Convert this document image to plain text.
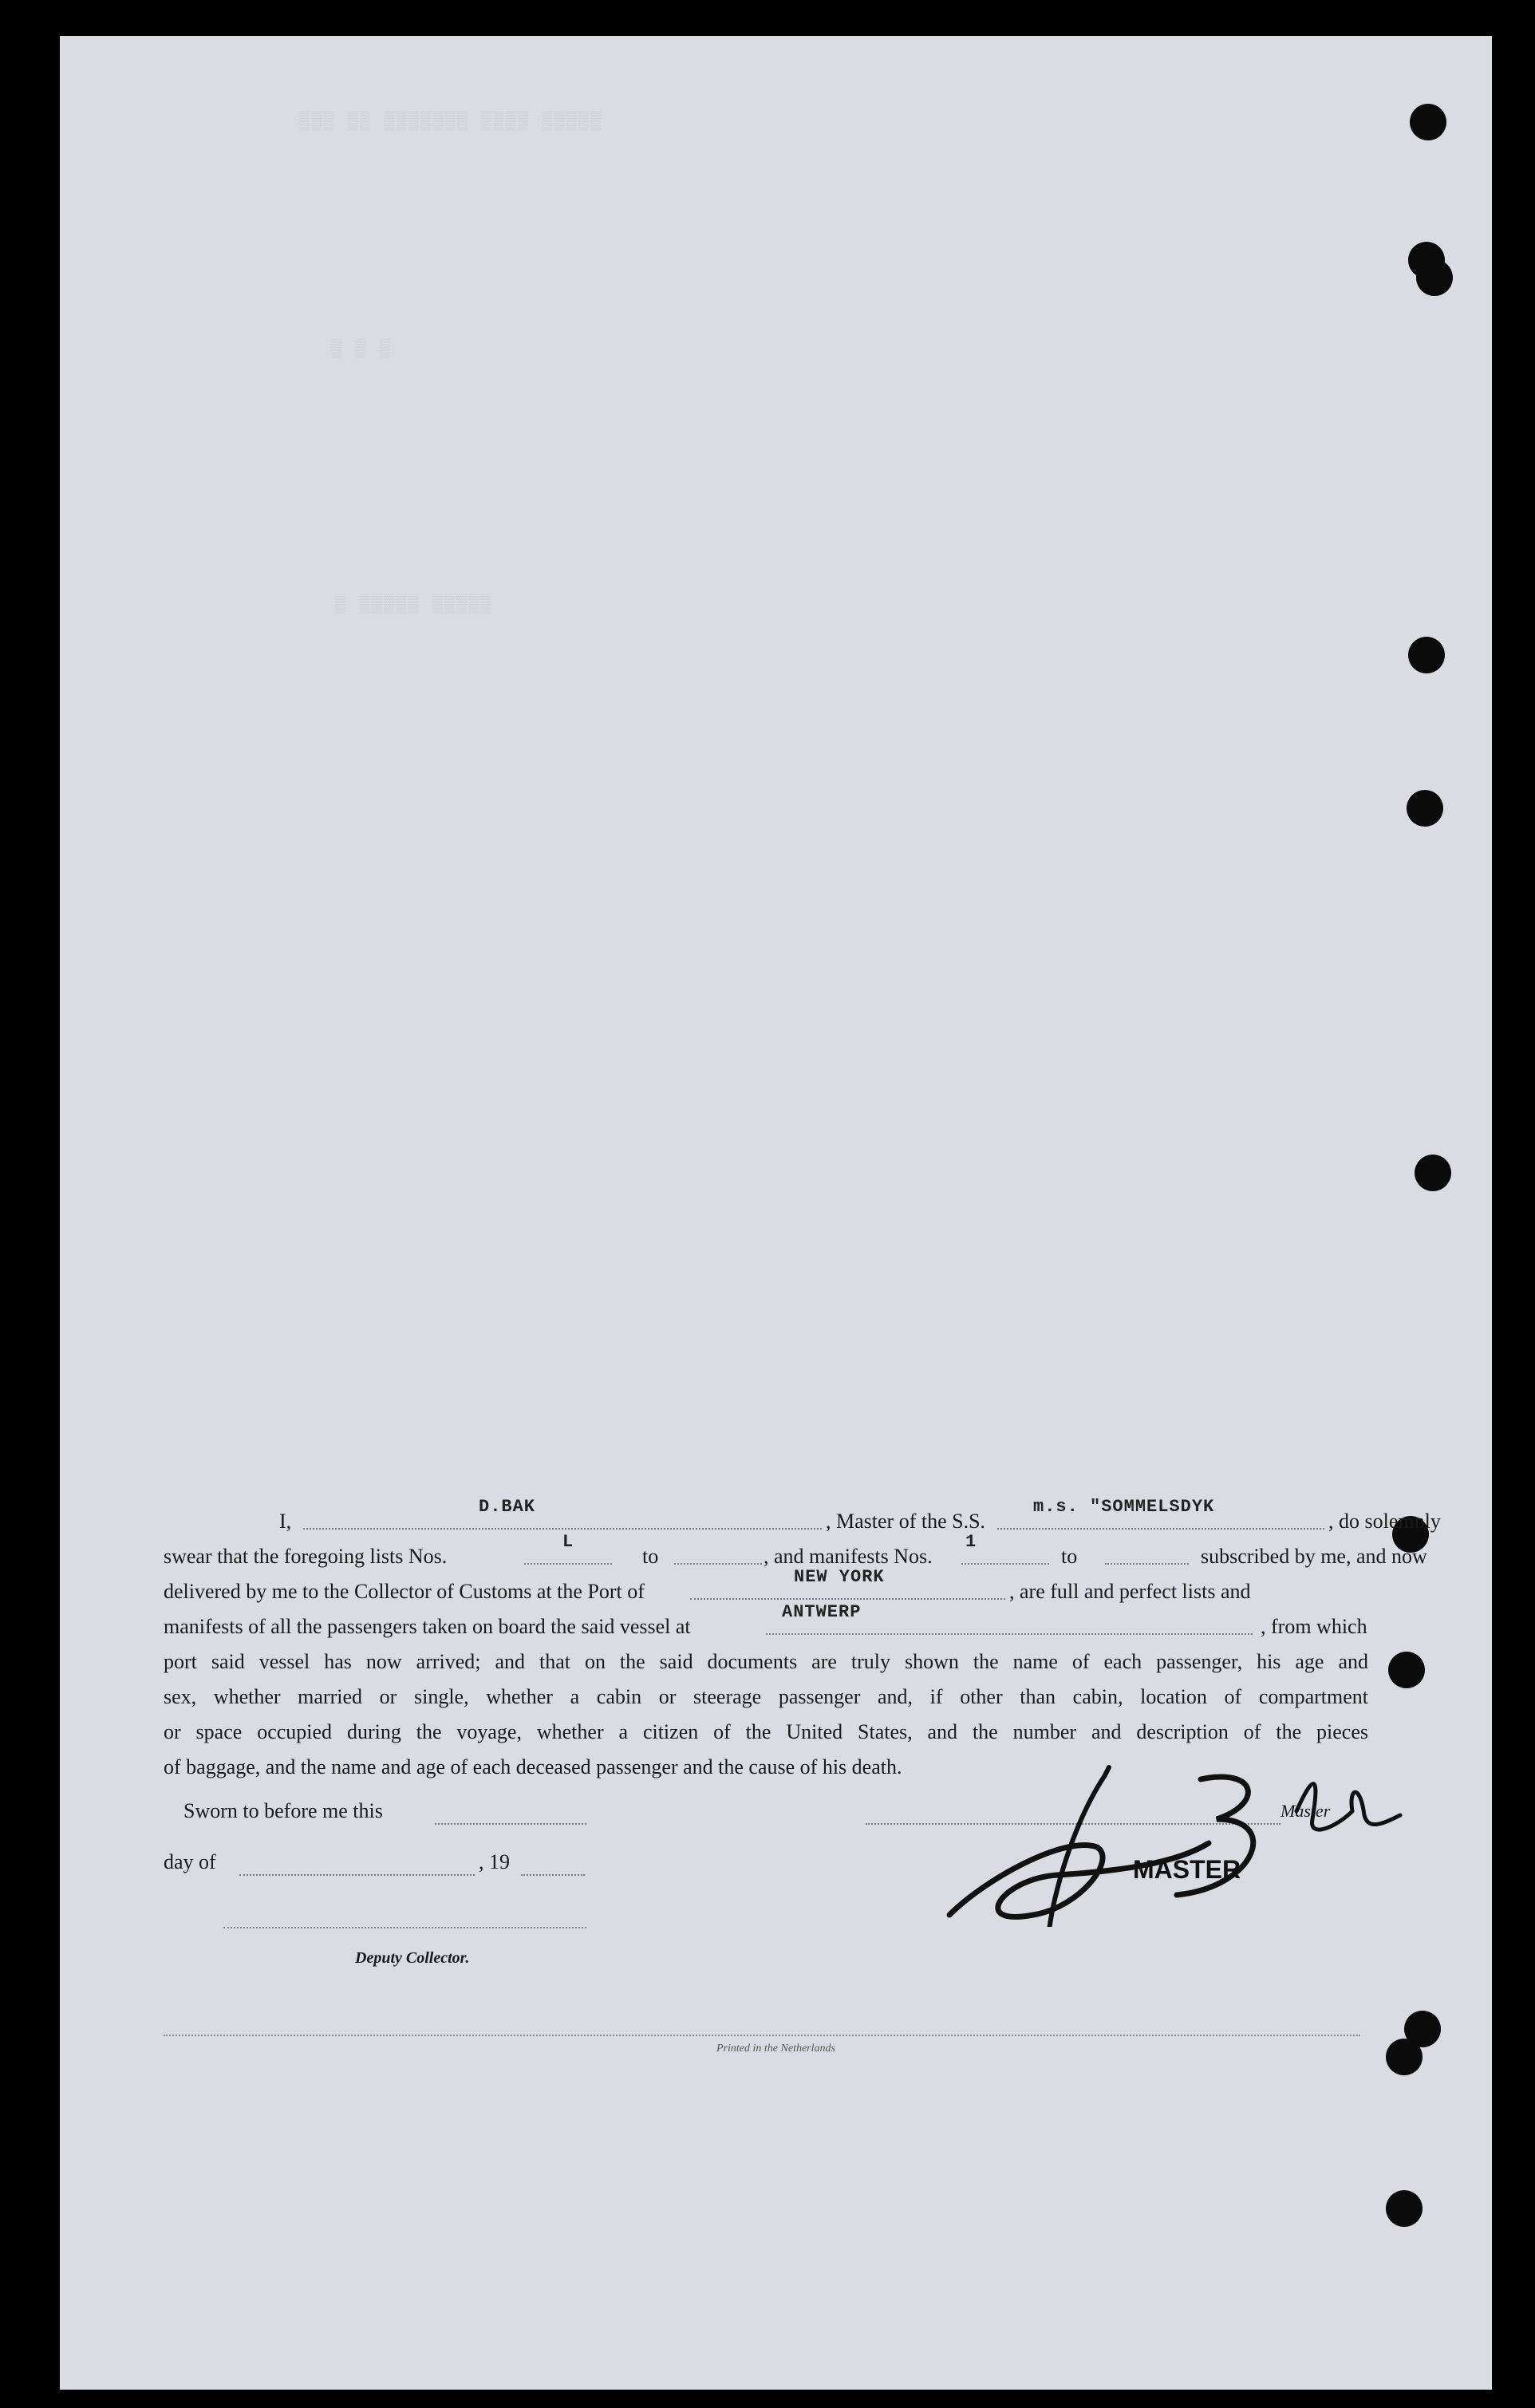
▒▒▒ ▒▒ ▒▒▒▒▒▒▒ ▒▒▒▒ ▒▒▒▒▒
▒ ▒ ▒
▒ ▒▒▒▒▒ ▒▒▒▒▒
I,
D.BAK
, Master of the S.S.
m.s. "SOMMELSDYK
, do solemnly
swear that the foregoing lists Nos.
L
to	, and manifests Nos.
1
to	subscribed by me, and now
delivered by me to the Collector of Customs at the Port of
NEW YORK
, are full and perfect lists and
manifests of all the passengers taken on board the said vessel at
ANTWERP
, from which
port said vessel has now arrived; and that on the said documents are truly shown the name of each passenger, his age and
sex, whether married or single, whether a cabin or steerage passenger and, if other than cabin, location of compartment
or space occupied during the voyage, whether a citizen of the United States, and the number and description of the pieces
of baggage, and the name and age of each deceased passenger and the cause of his death.
Sworn to before me this
day of	, 19
Deputy Collector.
Master
MASTER
Printed in the Netherlands
